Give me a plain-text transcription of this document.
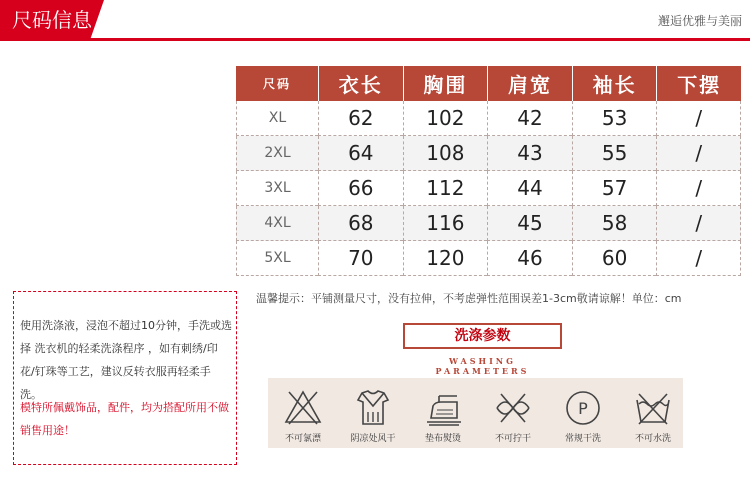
尺码信息	邂逅优雅与美丽
尺码	衣长	胸围	肩宽	袖长	下摆
XL	62	102	42	53	/
2XL	64	108	43	55	/
3XL	66	112	44	57	/
4XL	68	116	45	58	/
5XL	70	120	46	60	/
温馨提示：平铺测量尺寸，没有拉伸，不考虑弹性范围误差1-3cm敬请谅解！单位：cm

使用洗涤液，浸泡不超过10分钟，手洗或选择 洗衣机的轻柔洗涤程序 ，如有刺绣/印花/钉珠等工艺，建议反转衣服再轻柔手洗。

模特所佩戴饰品，配件，均为搭配所用不做销售用途！

洗涤参数
WASHING PARAMETERS
不可氯漂	阴凉处风干	垫布熨烫	不可拧干
P
常规干洗	不可水洗
